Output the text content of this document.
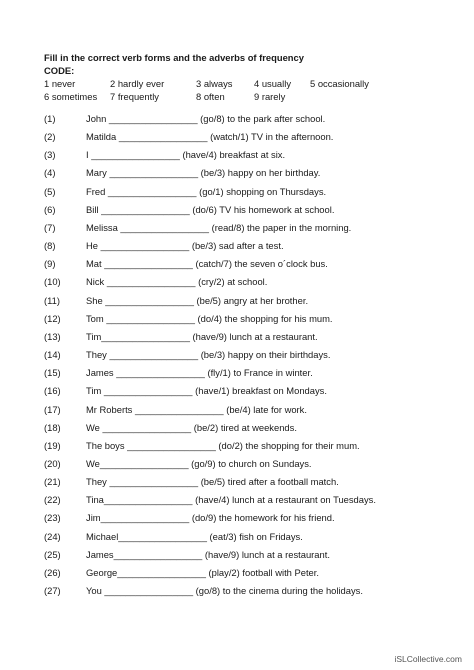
Fill in the correct verb forms and the adverbs of frequency

CODE:

1 never	2 hardly ever	3 always 4 usually 5 occasionally
6 sometimes 7 frequently	8 often	9 rarely
(1)	John _________________ (go/8) to the park after school.
(2)	Matilda _________________ (watch/1) TV in the afternoon.
(3)	I _________________ (have/4) breakfast at six.
(4)	Mary _________________ (be/3) happy on her birthday.
(5)	Fred _________________ (go/1) shopping on Thursdays.
(6)	Bill _________________ (do/6) TV his homework at school.
(7)	Melissa _________________ (read/8) the paper in the morning.
(8)	He _________________ (be/3) sad after a test.
(9)	Mat _________________ (catch/7) the seven o´clock bus.
(10)	Nick _________________ (cry/2) at school.
(11)	She _________________ (be/5) angry at her brother.
(12)	Tom _________________ (do/4) the shopping for his mum.
(13)	Tim_________________ (have/9) lunch at a restaurant.
(14)	They _________________ (be/3) happy on their birthdays.
(15)	James _________________ (fly/1) to France in winter.
(16)	Tim _________________ (have/1) breakfast on Mondays.
(17)	Mr Roberts _________________ (be/4) late for work.
(18)	We _________________ (be/2) tired at weekends.
(19)	The boys _________________ (do/2) the shopping for their mum.
(20)	We_________________ (go/9) to church on Sundays.
(21)	They _________________ (be/5) tired after a football match.
(22)	Tina_________________ (have/4) lunch at a restaurant on Tuesdays.
(23)	Jim_________________ (do/9) the homework for his friend.
(24)	Michael_________________ (eat/3) fish on Fridays.
(25)	James_________________ (have/9) lunch at a restaurant.
(26)	George_________________ (play/2) football with Peter.
(27)	You _________________ (go/8) to the cinema during the holidays.
iSLCollective.com
